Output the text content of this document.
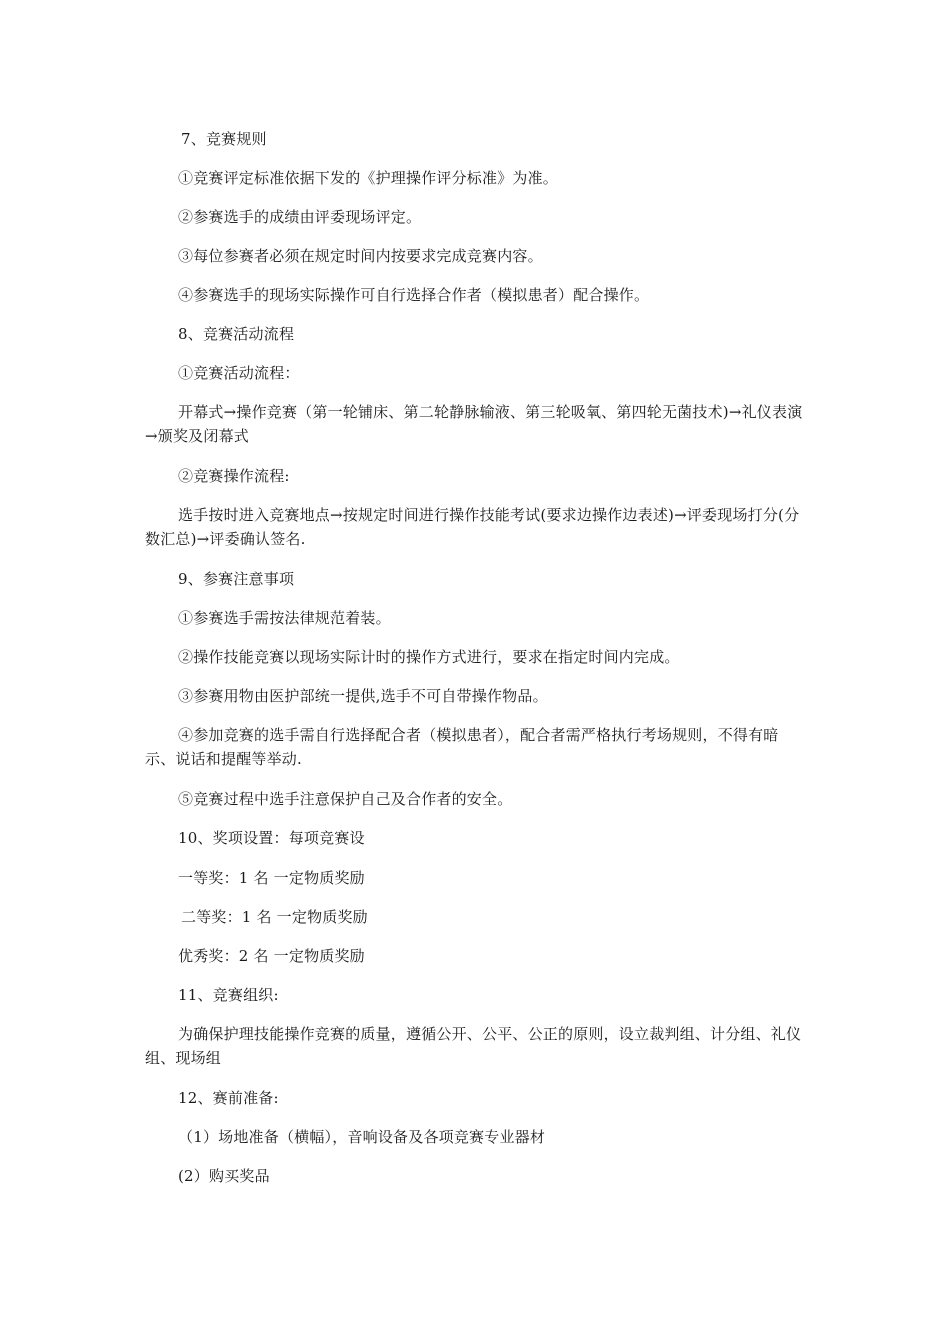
7、竞赛规则
①竞赛评定标准依据下发的《护理操作评分标准》为准。
②参赛选手的成绩由评委现场评定。
③每位参赛者必须在规定时间内按要求完成竞赛内容。
④参赛选手的现场实际操作可自行选择合作者（模拟患者）配合操作。
8、竞赛活动流程
①竞赛活动流程：
开幕式→操作竞赛（第一轮铺床、第二轮静脉输液、第三轮吸氧、第四轮无菌技术)→礼仪表演→颁奖及闭幕式
②竞赛操作流程:
选手按时进入竞赛地点→按规定时间进行操作技能考试(要求边操作边表述)→评委现场打分(分数汇总)→评委确认签名.
9、参赛注意事项
①参赛选手需按法律规范着装。
②操作技能竞赛以现场实际计时的操作方式进行，要求在指定时间内完成。
③参赛用物由医护部统一提供,选手不可自带操作物品。
④参加竞赛的选手需自行选择配合者（模拟患者），配合者需严格执行考场规则，不得有暗示、说话和提醒等举动.
⑤竞赛过程中选手注意保护自己及合作者的安全。
10、奖项设置：每项竞赛设
一等奖：1 名 一定物质奖励
二等奖：1 名 一定物质奖励
优秀奖：2 名 一定物质奖励
11、竞赛组织:
为确保护理技能操作竞赛的质量，遵循公开、公平、公正的原则，设立裁判组、计分组、礼仪组、现场组
12、赛前准备:
（1）场地准备（横幅），音响设备及各项竞赛专业器材
(2）购买奖品
